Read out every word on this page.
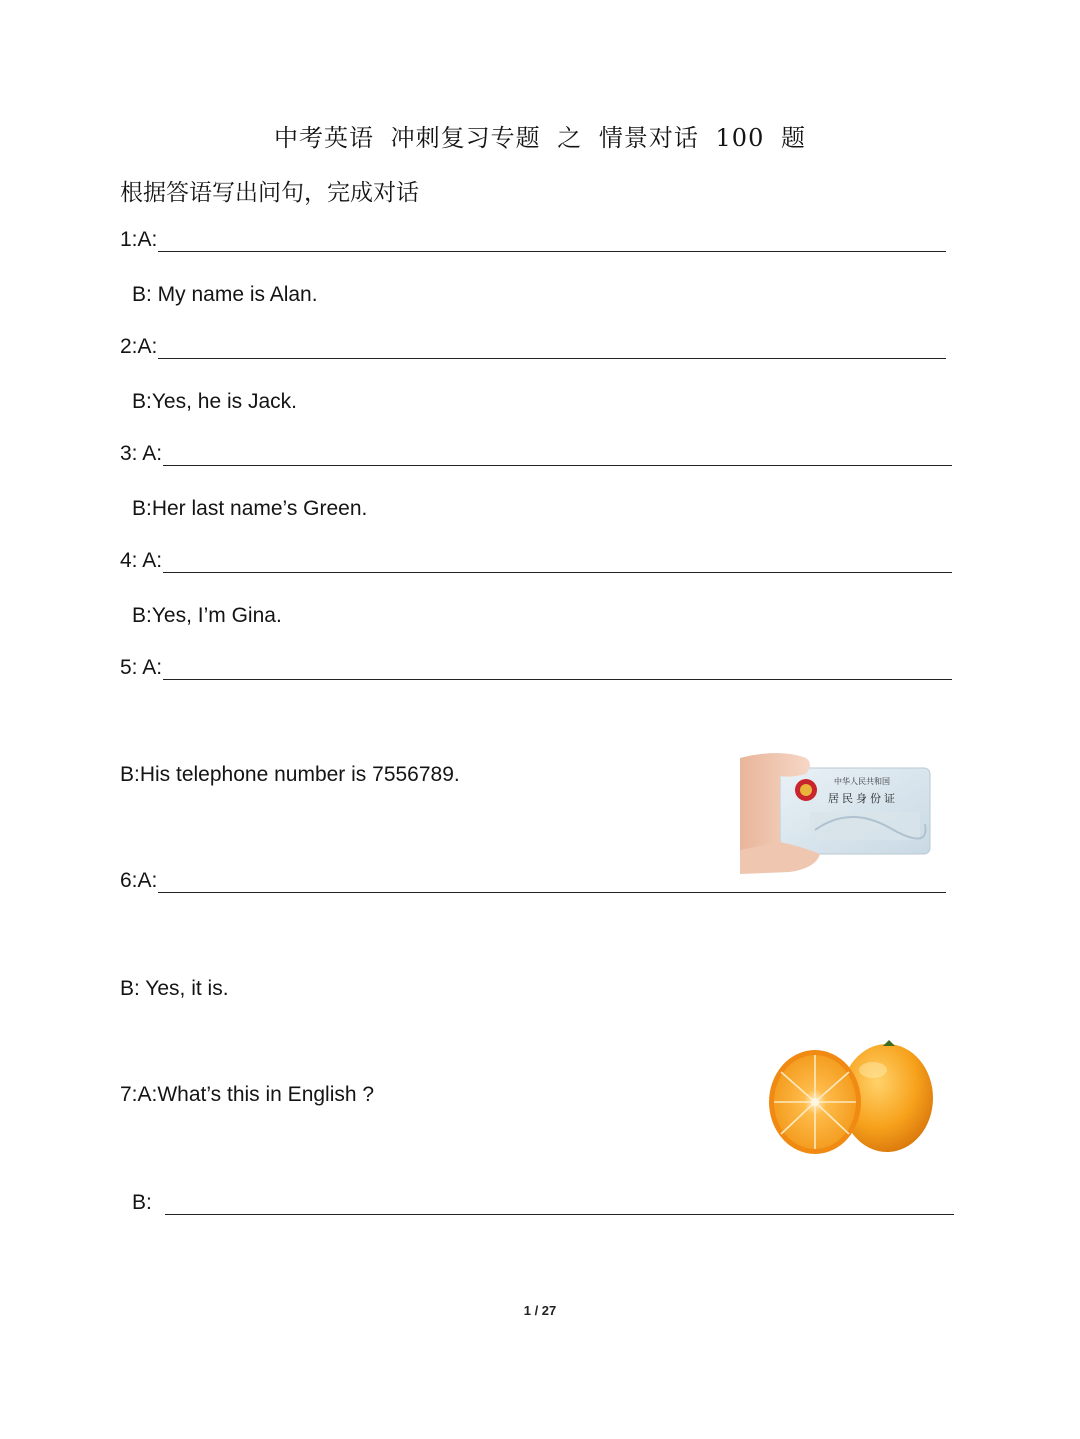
中考英语 冲刺复习专题 之 情景对话 100 题
根据答语写出问句，完成对话
1:A:
B: My name is Alan.
2:A:
B:Yes, he is Jack.
3: A:
B:Her last name’s Green.
4: A:
B:Yes, I’m Gina.
5: A:
B:His telephone number is 7556789.	中华人民共和国
居民身份证
6:A:
B: Yes, it is.
7:A:What’s this in English ?
B:
1 / 27
